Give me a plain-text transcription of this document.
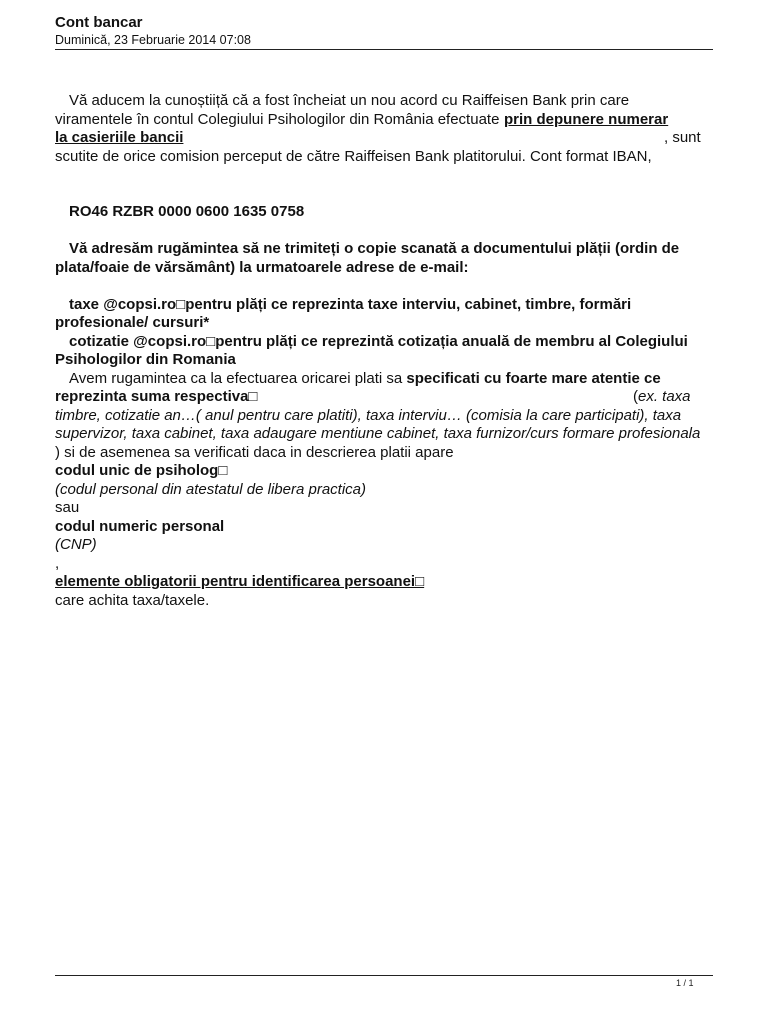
Cont bancar
Duminică, 23 Februarie 2014 07:08

Vă aducem la cunoștiiță că a fost încheiat un nou acord cu Raiffeisen Bank prin care

viramentele în contul Colegiului Psihologilor din România efectuate prin depunere numerar

la casieriile bancii	, sunt

scutite de orice comision perceput de către Raiffeisen Bank platitorului. Cont format IBAN,

RO46 RZBR 0000 0600 1635 0758

Vă adresăm rugămintea să ne trimiteți o copie scanată a documentului plății (ordin de plata/foaie de vărsământ) la urmatoarele adrese de e-mail:

taxe @copsi.ro□pentru plăți ce reprezinta taxe interviu, cabinet, timbre, formări profesionale/ cursuri*

cotizatie @copsi.ro□pentru plăți ce reprezintă cotizația anuală de membru al Colegiului Psihologilor din Romania

Avem rugamintea ca la efectuarea oricarei plati sa specificati cu foarte mare atentie ce

reprezinta suma respectiva□	(ex. taxa

timbre, cotizatie an…( anul pentru care platiti), taxa interviu… (comisia la care participati), taxa supervizor, taxa cabinet, taxa adaugare mentiune cabinet, taxa furnizor/curs formare profesionala

) si de asemenea sa verificati daca in descrierea platii apare

codul unic de psiholog□

(codul personal din atestatul de libera practica)

sau

codul numeric personal

(CNP)

,

elemente obligatorii pentru identificarea persoanei□

care achita taxa/taxele.

1 / 1
